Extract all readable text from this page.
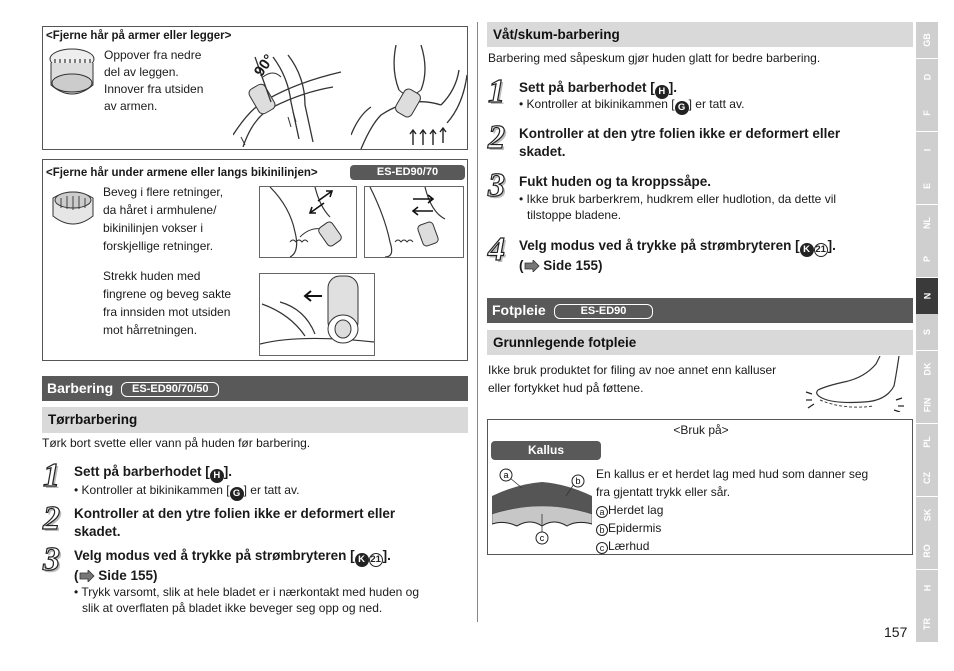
<Fjerne hår på armer eller legger>
Oppover fra nedre
del av leggen.
Innover fra utsiden
av armen.
90°
<Fjerne hår under armene eller langs bikinilinjen>	ES-ED90/70
Beveg i flere retninger,
da håret i armhulene/
bikinilinjen vokser i
forskjellige retninger.
Strekk huden med
fingrene og beveg sakte
fra innsiden mot utsiden
mot hårretningen.
Barbering ES-ED90/70/50
Tørrbarbering
Tørk bort svette eller vann på huden før barbering.
1 Sett på barberhodet [ H ].
• Kontroller at bikinikammen [ G ] er tatt av.
2 Kontroller at den ytre folien ikke er deformert eller
skadet.
3 Velg modus ved å trykke på strømbryteren [ K 21 ].
( Side 155)
• Trykk varsomt, slik at hele bladet er i nærkontakt med huden og
slik at overflaten på bladet ikke beveger seg opp og ned.
Våt/skum-barbering
Barbering med såpeskum gjør huden glatt for bedre barbering.
1 Sett på barberhodet [ H ].
• Kontroller at bikinikammen [ G ] er tatt av.
2 Kontroller at den ytre folien ikke er deformert eller
skadet.
3 Fukt huden og ta kroppssåpe.
• Ikke bruk barberkrem, hudkrem eller hudlotion, da dette vil
tilstoppe bladene.
4 Velg modus ved å trykke på strømbryteren [ K 21 ].
( Side 155)
Fotpleie	ES-ED90
Grunnlegende fotpleie
Ikke bruk produktet for filing av noe annet enn kalluser
eller fortykket hud på føttene.
<Bruk på>
Kallus
a
b
c
En kallus er et herdet lag med hud som danner seg
fra gjentatt trykk eller sår.
a Herdet lag
b Epidermis
c Lærhud
GB
D
F
I
E
NL
P
N
S
DK
FIN
PL
CZ
SK
RO
H
TR
157
